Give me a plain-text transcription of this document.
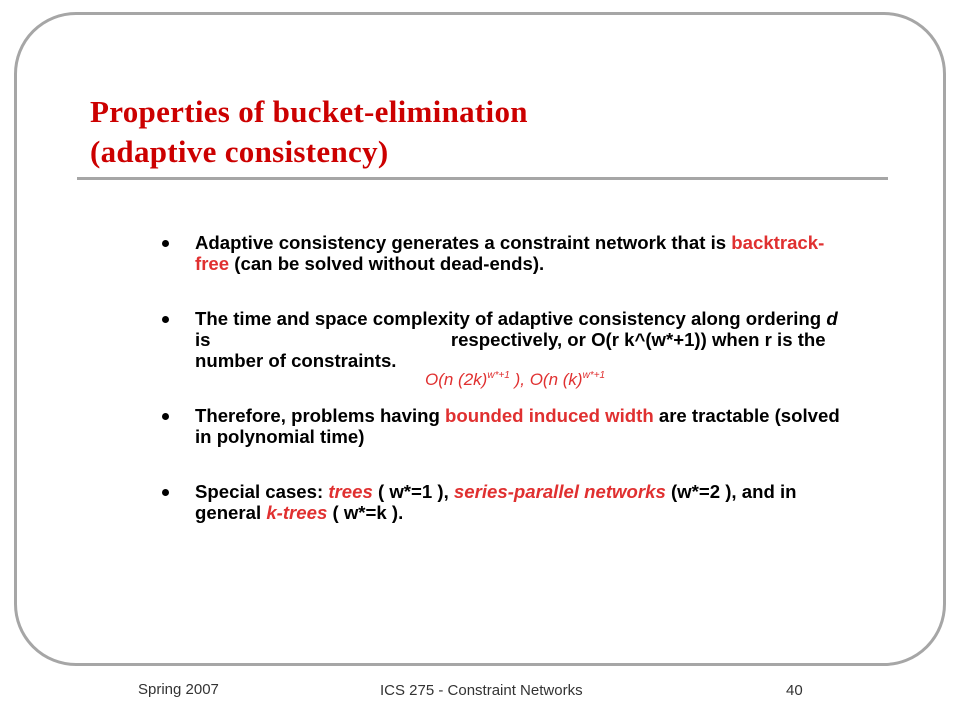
Properties of bucket-elimination
(adaptive consistency)
Adaptive consistency generates a constraint network that is backtrack-free (can be solved without dead-ends).
The time and space complexity of adaptive consistency along ordering d is	respectively, or O(r k^(w*+1)) when r is the number of constraints.
Therefore, problems having bounded induced width are tractable (solved in polynomial time)
Special cases: trees ( w*=1 ), series-parallel networks (w*=2 ), and in general k-trees ( w*=k ).
O(n $(2k)^{w*+1}$ ), O(n $(k)^{w*+1}$
Spring 2007	ICS 275 - Constraint Networks	40
